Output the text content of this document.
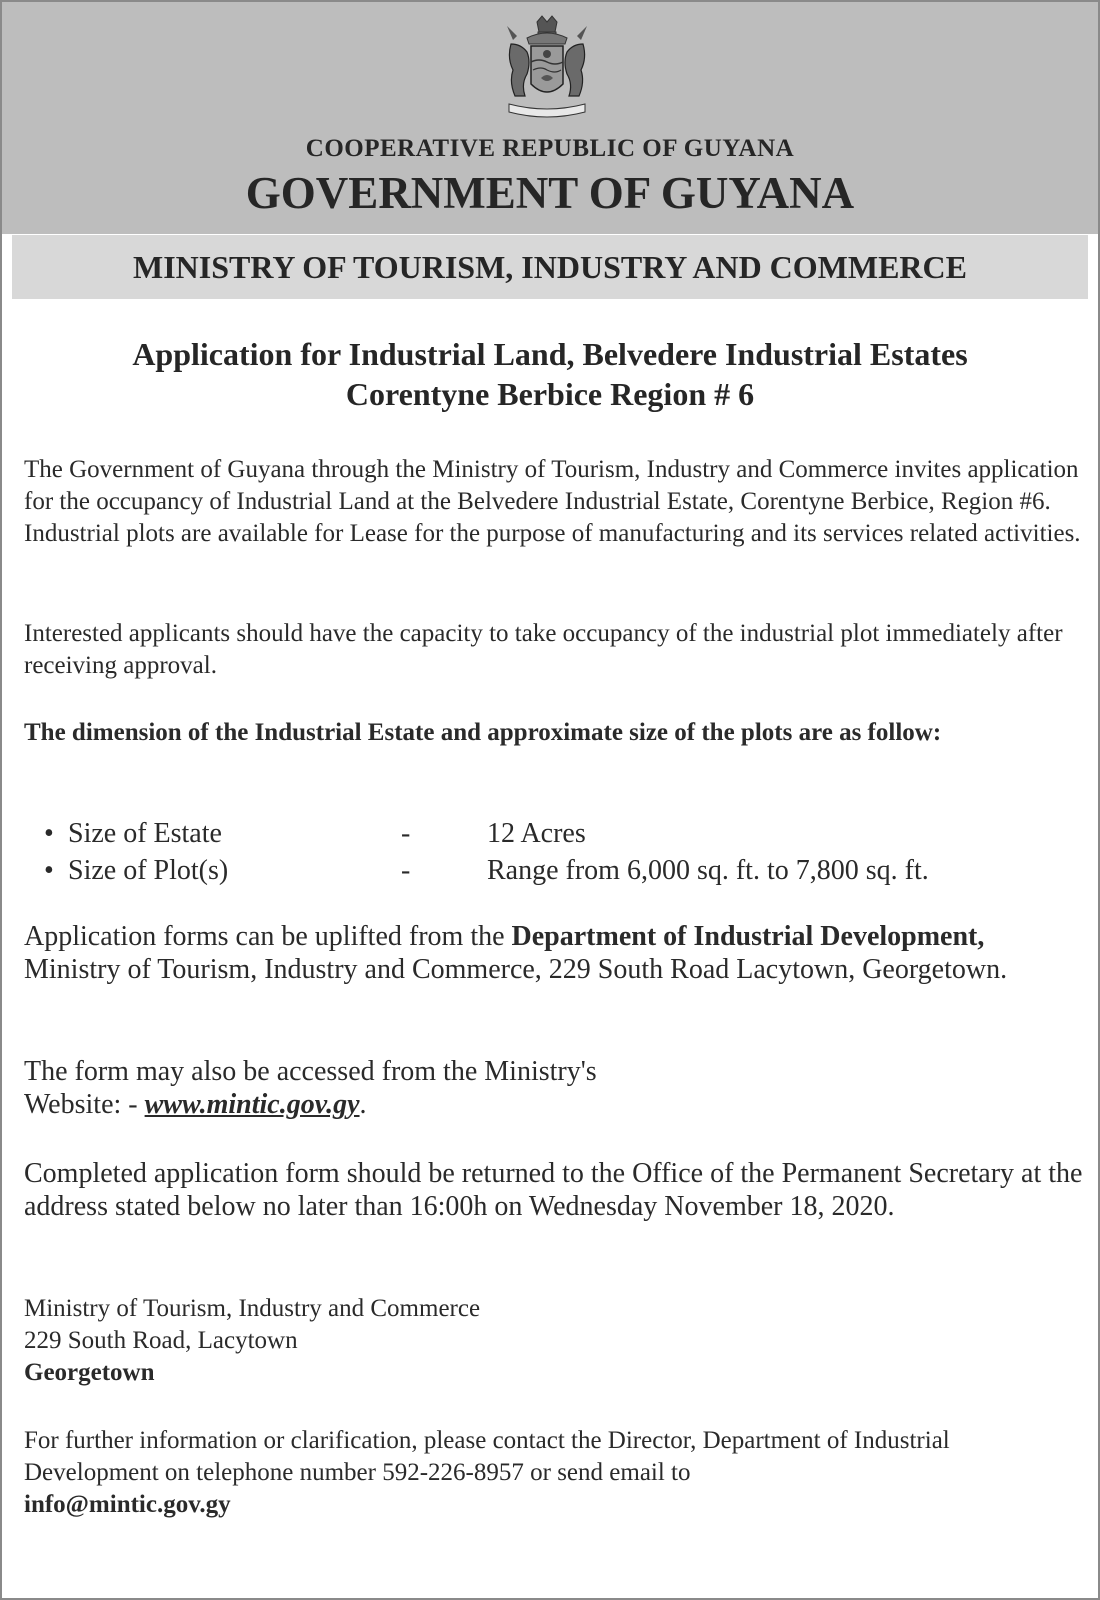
COOPERATIVE REPUBLIC OF GUYANA
GOVERNMENT OF GUYANA
MINISTRY OF TOURISM, INDUSTRY AND COMMERCE
Application for Industrial Land, Belvedere Industrial Estates
Corentyne Berbice Region # 6
The Government of Guyana through the Ministry of Tourism, Industry and Commerce invites application for the occupancy of Industrial Land at the Belvedere Industrial Estate, Corentyne Berbice, Region #6. Industrial plots are available for Lease for the purpose of manufacturing and its services related activities.
Interested applicants should have the capacity to take occupancy of the industrial plot immediately after receiving approval.
The dimension of the Industrial Estate and approximate size of the plots are as follow:
• Size of Estate	-	12 Acres
• Size of Plot(s)	-	Range from 6,000 sq. ft. to 7,800 sq. ft.
Application forms can be uplifted from the Department of Industrial Development, Ministry of Tourism, Industry and Commerce, 229 South Road Lacytown, Georgetown.
The form may also be accessed from the Ministry's
Website: - www.mintic.gov.gy.
Completed application form should be returned to the Office of the Permanent Secretary at the address stated below no later than 16:00h on Wednesday November 18, 2020.
Ministry of Tourism, Industry and Commerce
229 South Road, Lacytown
Georgetown
For further information or clarification, please contact the Director, Department of Industrial Development on telephone number 592-226-8957 or send email to
info@mintic.gov.gy
